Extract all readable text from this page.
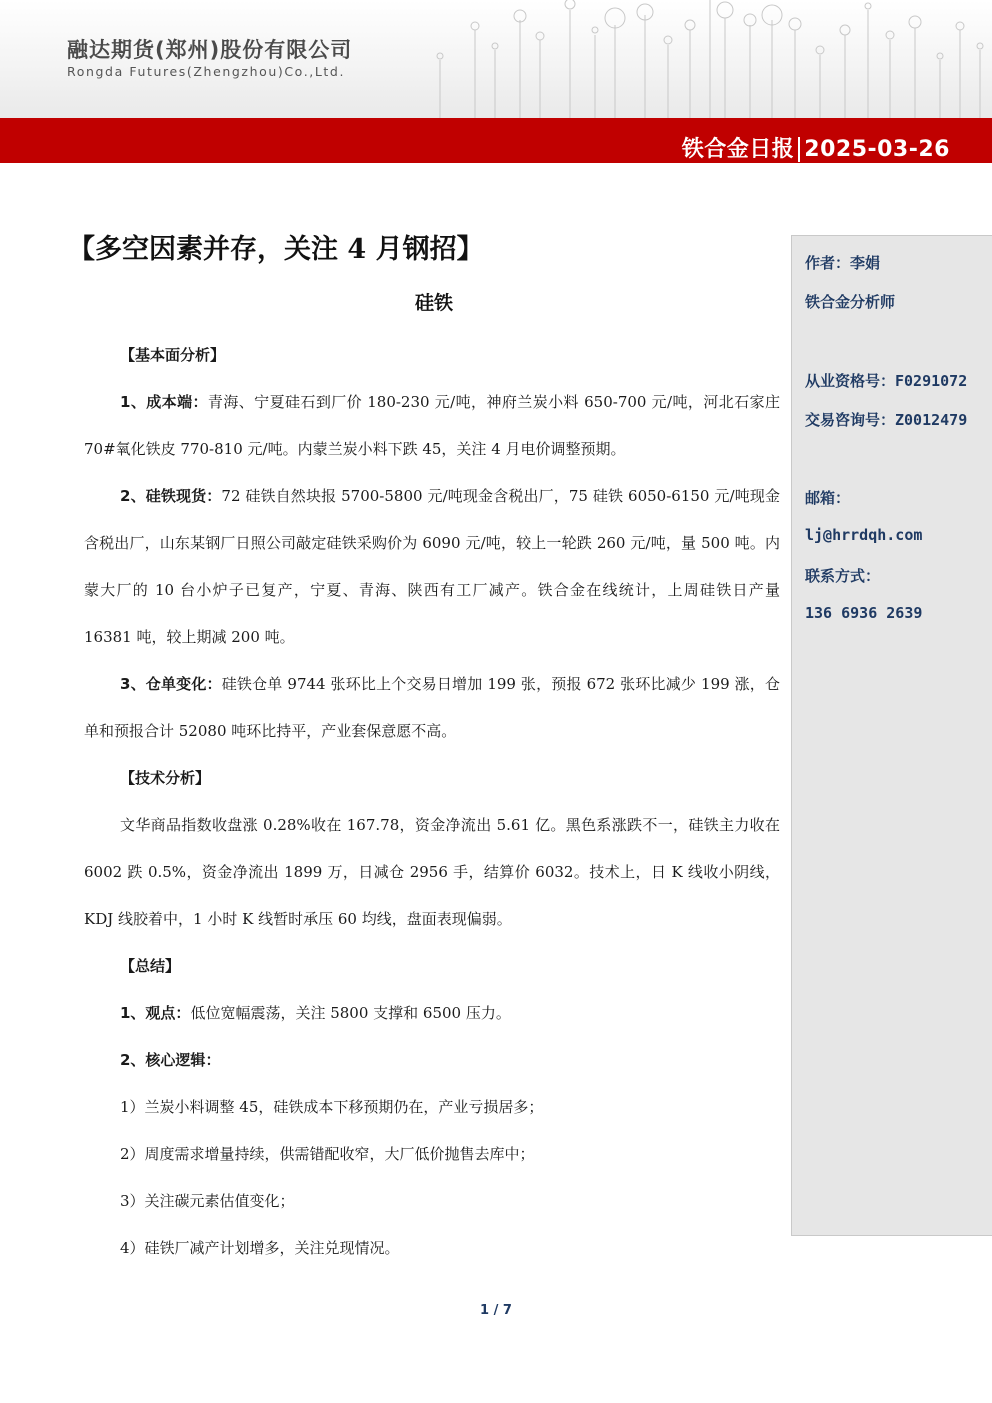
融达期货(郑州)股份有限公司
Rongda Futures(Zhengzhou)Co.,Ltd.
铁合金日报 2025-03-26
【多空因素并存，关注 4 月钢招】
硅铁

【基本面分析】

1、成本端：青海、宁夏硅石到厂价 180-230 元/吨，神府兰炭小料 650-700 元/吨，河北石家庄 70#氧化铁皮 770-810 元/吨。内蒙兰炭小料下跌 45，关注 4 月电价调整预期。

2、硅铁现货：72 硅铁自然块报 5700-5800 元/吨现金含税出厂，75 硅铁 6050-6150 元/吨现金含税出厂，山东某钢厂日照公司敲定硅铁采购价为 6090 元/吨，较上一轮跌 260 元/吨，量 500 吨。内蒙大厂的 10 台小炉子已复产，宁夏、青海、陕西有工厂减产。铁合金在线统计，上周硅铁日产量 16381 吨，较上期减 200 吨。

3、仓单变化：硅铁仓单 9744 张环比上个交易日增加 199 张，预报 672 张环比减少 199 涨，仓单和预报合计 52080 吨环比持平，产业套保意愿不高。

【技术分析】

文华商品指数收盘涨 0.28%收在 167.78，资金净流出 5.61 亿。黑色系涨跌不一，硅铁主力收在 6002 跌 0.5%，资金净流出 1899 万，日减仓 2956 手，结算价 6032。技术上，日 K 线收小阴线，KDJ 线胶着中，1 小时 K 线暂时承压 60 均线，盘面表现偏弱。

【总结】

1、观点：低位宽幅震荡，关注 5800 支撑和 6500 压力。

2、核心逻辑：

1）兰炭小料调整 45，硅铁成本下移预期仍在，产业亏损居多；

2）周度需求增量持续，供需错配收窄，大厂低价抛售去库中；

3）关注碳元素估值变化；

4）硅铁厂减产计划增多，关注兑现情况。

作者：李娟
铁合金分析师
从业资格号：F0291072
交易咨询号：Z0012479
邮箱：
lj@hrrdqh.com
联系方式：
136 6936 2639
1 / 7
